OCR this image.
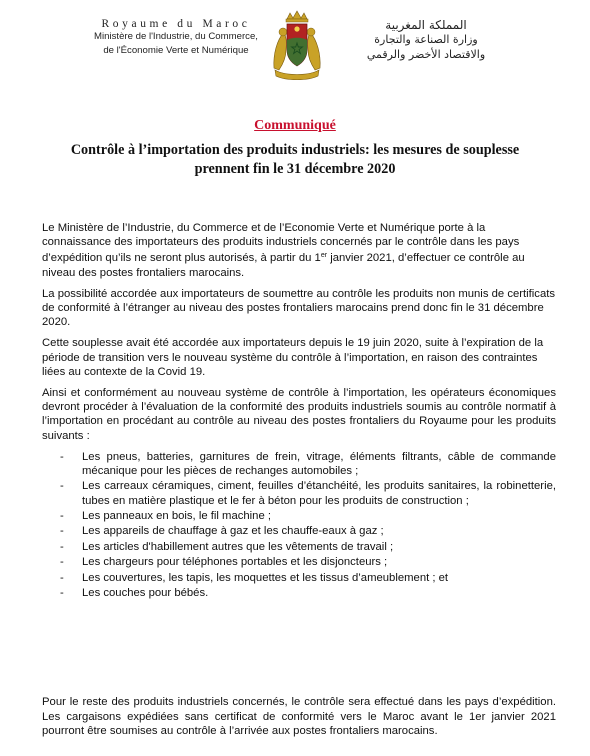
Royaume du Maroc
Ministère de l'Industrie, du Commerce,
de l'Économie Verte et Numérique
المملكة المغربية
وزارة الصناعة والتجارة
والاقتصاد الأخضر والرقمي
Communiqué
Contrôle à l’importation des produits industriels: les mesures de souplesse
prennent fin le 31 décembre 2020

Le Ministère de l’Industrie, du Commerce et de l’Economie Verte et Numérique porte à la connaissance des importateurs des produits industriels concernés par le contrôle dans les pays d’expédition qu’ils ne seront plus autorisés, à partir du 1er janvier 2021, d’effectuer ce contrôle au niveau des postes frontaliers marocains.

La possibilité accordée aux importateurs de soumettre au contrôle les produits non munis de certificats de conformité à l’étranger au niveau des postes frontaliers marocains prend donc fin le 31 décembre 2020.

Cette souplesse avait été accordée aux importateurs depuis le 19 juin 2020, suite à l’expiration de la période de transition vers le nouveau système du contrôle à l’importation, en raison des contraintes liées au contexte de la Covid 19.

Ainsi et conformément au nouveau système de contrôle à l’importation, les opérateurs économiques devront procéder à l’évaluation de la conformité des produits industriels soumis au contrôle normatif à l’importation en procédant au contrôle au niveau des postes frontaliers du Royaume pour les produits suivants :

- Les pneus, batteries, garnitures de frein, vitrage, éléments filtrants, câble de commande mécanique pour les pièces de rechanges automobiles ;
- Les carreaux céramiques, ciment, feuilles d’étanchéité, les produits sanitaires, la robinetterie, tubes en matière plastique et le fer à béton pour les produits de construction ;
- Les panneaux en bois, le fil machine ;
- Les appareils de chauffage à gaz et les chauffe-eaux à gaz ;
- Les articles d'habillement autres que les vêtements de travail ;
- Les chargeurs pour téléphones portables et les disjoncteurs ;
- Les couvertures, les tapis, les moquettes et les tissus d’ameublement ; et
- Les couches pour bébés.

Pour le reste des produits industriels concernés, le contrôle sera effectué dans les pays d’expédition. Les cargaisons expédiées sans certificat de conformité vers le Maroc avant le 1er janvier 2021 pourront être soumises au contrôle à l’arrivée aux postes frontaliers marocains.
